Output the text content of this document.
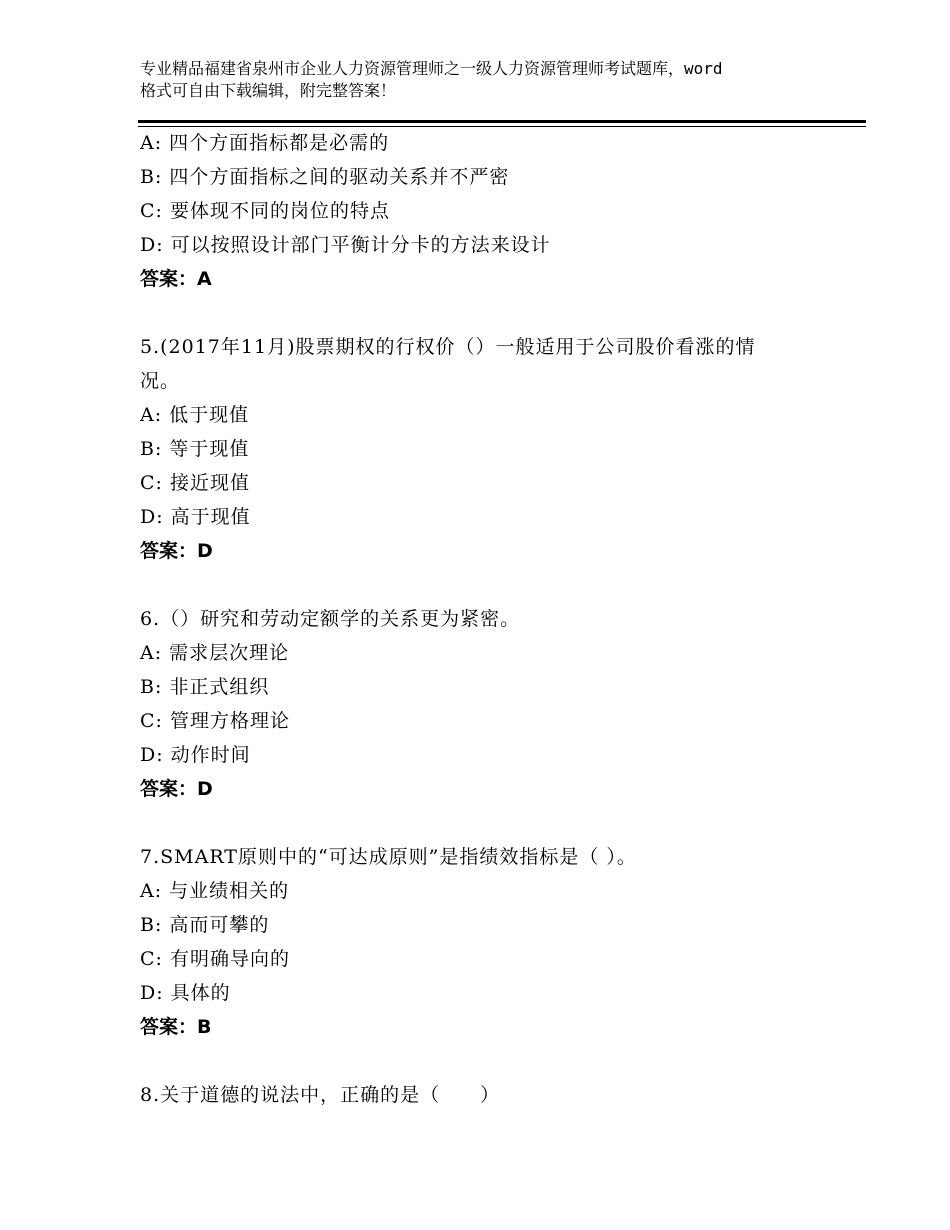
专业精品福建省泉州市企业人力资源管理师之一级人力资源管理师考试题库，word
格式可自由下载编辑，附完整答案！
A: 四个方面指标都是必需的
B: 四个方面指标之间的驱动关系并不严密
C: 要体现不同的岗位的特点
D: 可以按照设计部门平衡计分卡的方法来设计
答案：A
5.(2017年11月)股票期权的行权价（）一般适用于公司股价看涨的情
况。
A: 低于现值
B: 等于现值
C: 接近现值
D: 高于现值
答案：D
6.（）研究和劳动定额学的关系更为紧密。
A: 需求层次理论
B: 非正式组织
C: 管理方格理论
D: 动作时间
答案：D
7.SMART原则中的“可达成原则”是指绩效指标是（ ）。
A: 与业绩相关的
B: 高而可攀的
C: 有明确导向的
D: 具体的
答案：B
8.关于道德的说法中，正确的是（　　）
